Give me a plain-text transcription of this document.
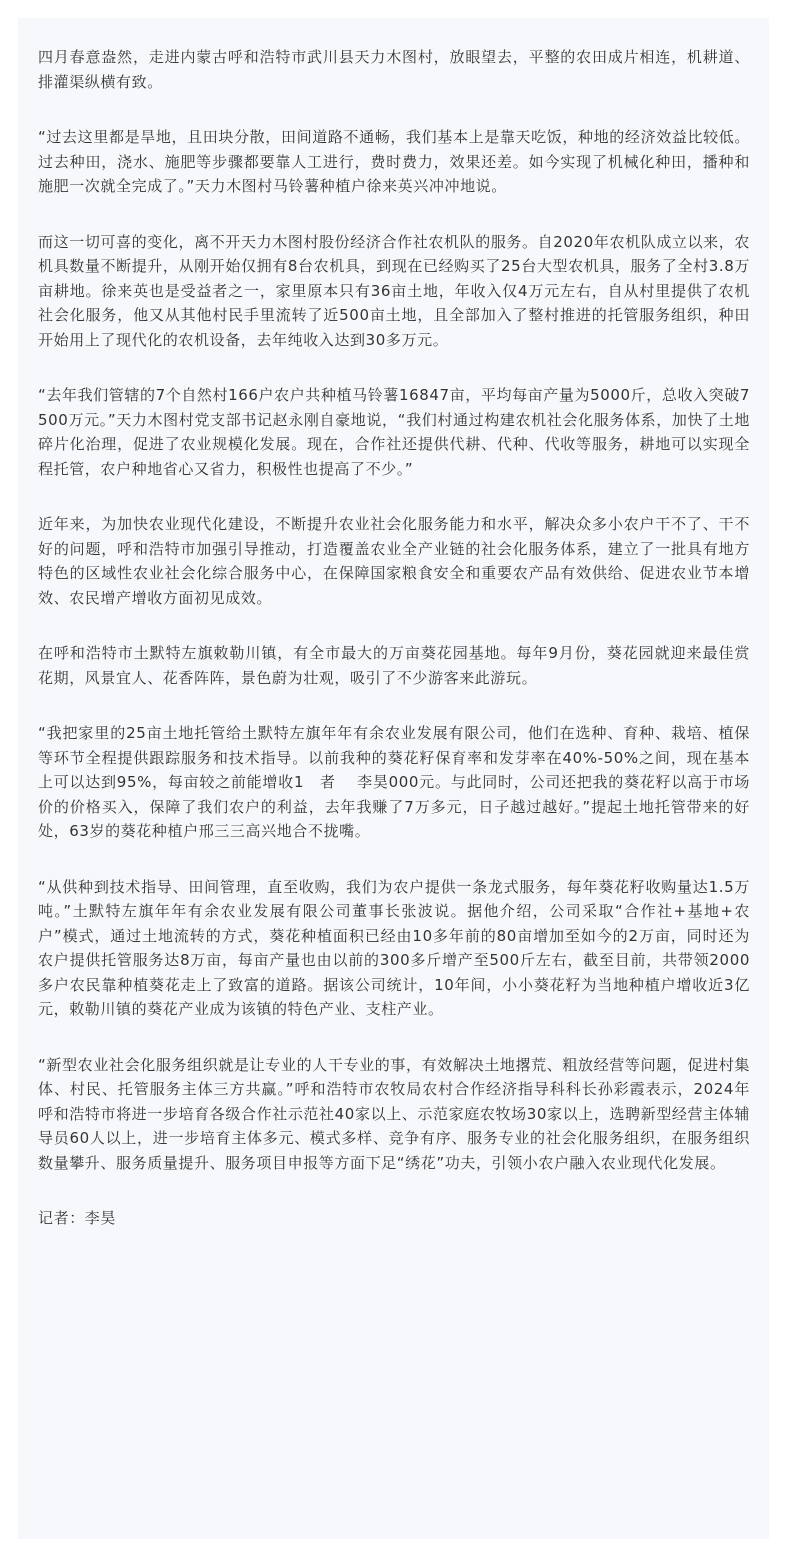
四月春意盎然，走进内蒙古呼和浩特市武川县天力木图村，放眼望去，平整的农田成片相连，机耕道、排灌渠纵横有致。

“过去这里都是旱地，且田块分散，田间道路不通畅，我们基本上是靠天吃饭，种地的经济效益比较低。过去种田，浇水、施肥等步骤都要靠人工进行，费时费力，效果还差。如今实现了机械化种田，播种和施肥一次就全完成了。”天力木图村马铃薯种植户徐来英兴冲冲地说。

而这一切可喜的变化，离不开天力木图村股份经济合作社农机队的服务。自2020年农机队成立以来，农机具数量不断提升，从刚开始仅拥有8台农机具，到现在已经购买了25台大型农机具，服务了全村3.8万亩耕地。徐来英也是受益者之一，家里原本只有36亩土地，年收入仅4万元左右，自从村里提供了农机社会化服务，他又从其他村民手里流转了近500亩土地，且全部加入了整村推进的托管服务组织，种田开始用上了现代化的农机设备，去年纯收入达到30多万元。

“去年我们管辖的7个自然村166户农户共种植马铃薯16847亩，平均每亩产量为5000斤，总收入突破7500万元。”天力木图村党支部书记赵永刚自豪地说，“我们村通过构建农机社会化服务体系，加快了土地碎片化治理，促进了农业规模化发展。现在，合作社还提供代耕、代种、代收等服务，耕地可以实现全程托管，农户种地省心又省力，积极性也提高了不少。”

近年来，为加快农业现代化建设，不断提升农业社会化服务能力和水平，解决众多小农户干不了、干不好的问题，呼和浩特市加强引导推动，打造覆盖农业全产业链的社会化服务体系，建立了一批具有地方特色的区域性农业社会化综合服务中心，在保障国家粮食安全和重要农产品有效供给、促进农业节本增效、农民增产增收方面初见成效。

在呼和浩特市土默特左旗敕勒川镇，有全市最大的万亩葵花园基地。每年9月份，葵花园就迎来最佳赏花期，风景宜人、花香阵阵，景色蔚为壮观，吸引了不少游客来此游玩。

“我把家里的25亩土地托管给土默特左旗年年有余农业发展有限公司，他们在选种、育种、栽培、植保等环节全程提供跟踪服务和技术指导。以前我种的葵花籽保育率和发芽率在40%-50%之间，现在基本上可以达到95%，每亩较之前能增收1　者　 李昊000元。与此同时，公司还把我的葵花籽以高于市场价的价格买入，保障了我们农户的利益，去年我赚了7万多元，日子越过越好。”提起土地托管带来的好处，63岁的葵花种植户邢三三高兴地合不拢嘴。

“从供种到技术指导、田间管理，直至收购，我们为农户提供一条龙式服务，每年葵花籽收购量达1.5万吨。”土默特左旗年年有余农业发展有限公司董事长张波说。据他介绍，公司采取“合作社+基地+农户”模式，通过土地流转的方式，葵花种植面积已经由10多年前的80亩增加至如今的2万亩，同时还为农户提供托管服务达8万亩，每亩产量也由以前的300多斤增产至500斤左右，截至目前，共带领2000多户农民靠种植葵花走上了致富的道路。据该公司统计，10年间，小小葵花籽为当地种植户增收近3亿元，敕勒川镇的葵花产业成为该镇的特色产业、支柱产业。

“新型农业社会化服务组织就是让专业的人干专业的事，有效解决土地撂荒、粗放经营等问题，促进村集体、村民、托管服务主体三方共赢。”呼和浩特市农牧局农村合作经济指导科科长孙彩霞表示，2024年呼和浩特市将进一步培育各级合作社示范社40家以上、示范家庭农牧场30家以上，选聘新型经营主体辅导员60人以上，进一步培育主体多元、模式多样、竞争有序、服务专业的社会化服务组织，在服务组织数量攀升、服务质量提升、服务项目申报等方面下足“绣花”功夫，引领小农户融入农业现代化发展。

记者：李昊
